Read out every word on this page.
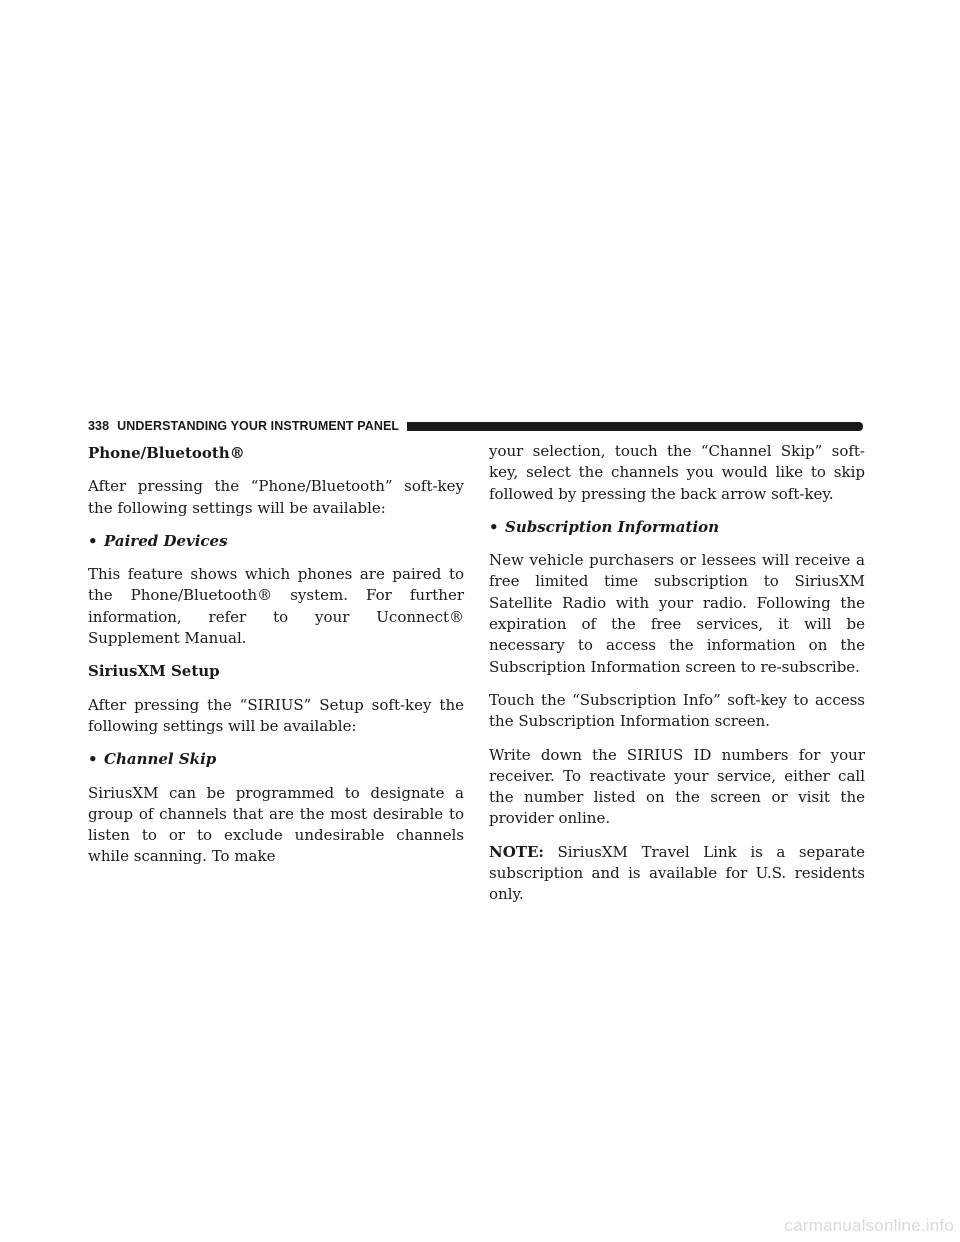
338 UNDERSTANDING YOUR INSTRUMENT PANEL
Phone/Bluetooth®

After pressing the “Phone/Bluetooth” soft-key the following settings will be available:

• Paired Devices

This feature shows which phones are paired to the Phone/Bluetooth® system. For further information, refer to your Uconnect® Supplement Manual.

SiriusXM Setup

After pressing the “SIRIUS” Setup soft-key the following settings will be available:

• Channel Skip

SiriusXM can be programmed to designate a group of channels that are the most desirable to listen to or to exclude undesirable channels while scanning. To make

your selection, touch the “Channel Skip” soft-key, select the channels you would like to skip followed by pressing the back arrow soft-key.

• Subscription Information

New vehicle purchasers or lessees will receive a free limited time subscription to SiriusXM Satellite Radio with your radio. Following the expiration of the free services, it will be necessary to access the information on the Subscription Information screen to re-subscribe.

Touch the “Subscription Info” soft-key to access the Subscription Information screen.

Write down the SIRIUS ID numbers for your receiver. To reactivate your service, either call the number listed on the screen or visit the provider online.

NOTE: SiriusXM Travel Link is a separate subscription and is available for U.S. residents only.

carmanualsonline.info
